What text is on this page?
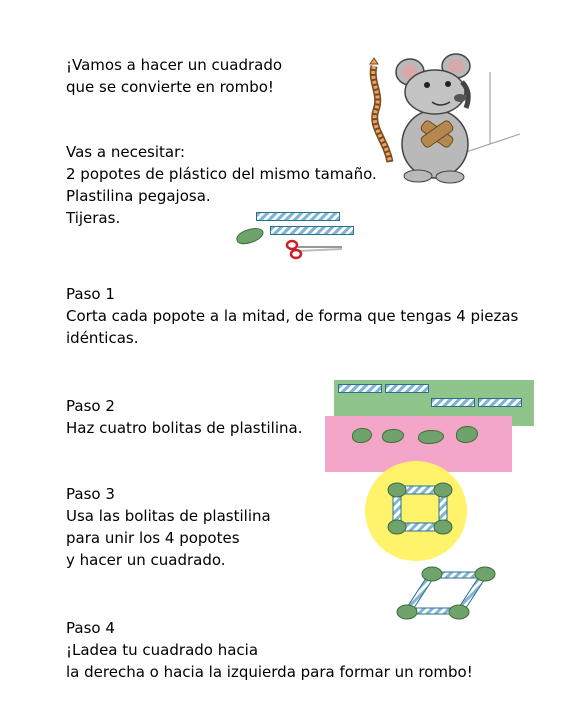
¡Vamos a hacer un cuadrado
que se convierte en rombo!
Vas a necesitar:
2 popotes de plástico del mismo tamaño.
Plastilina pegajosa.
Tijeras.
Paso 1
Corta cada popote a la mitad, de forma que tengas 4 piezas
idénticas.
Paso 2
Haz cuatro bolitas de plastilina.
Paso 3
Usa las bolitas de plastilina
para unir los 4 popotes
y hacer un cuadrado.
Paso 4
¡Ladea tu cuadrado hacia
la derecha o hacia la izquierda para formar un rombo!
